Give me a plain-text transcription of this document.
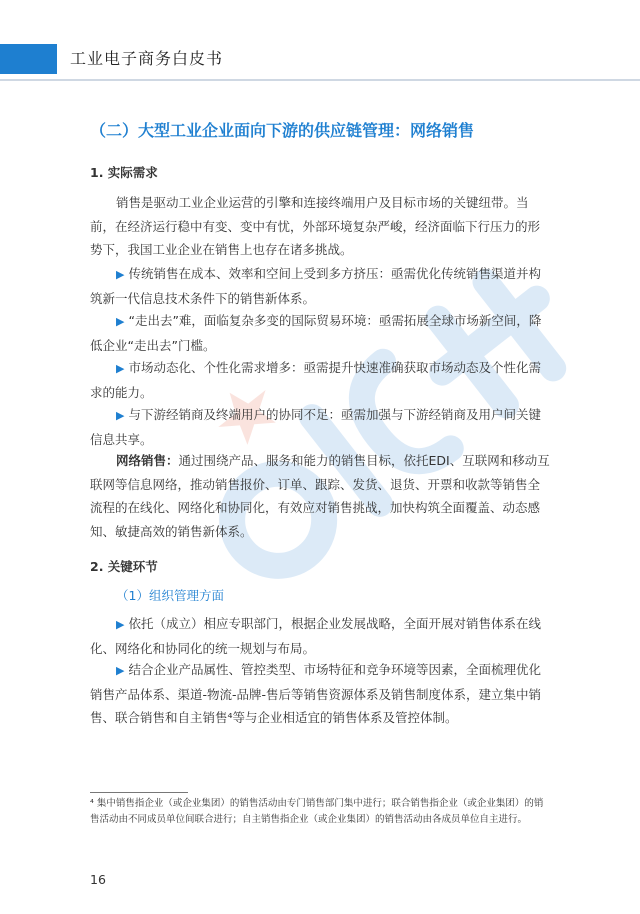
工业电子商务白皮书
（二）大型工业企业面向下游的供应链管理：网络销售
1. 实际需求
销售是驱动工业企业运营的引擎和连接终端用户及目标市场的关键纽带。当前，在经济运行稳中有变、变中有忧，外部环境复杂严峻，经济面临下行压力的形势下，我国工业企业在销售上也存在诸多挑战。
▶ 传统销售在成本、效率和空间上受到多方挤压：亟需优化传统销售渠道并构筑新一代信息技术条件下的销售新体系。
▶ “走出去”难，面临复杂多变的国际贸易环境：亟需拓展全球市场新空间，降低企业“走出去”门槛。
▶ 市场动态化、个性化需求增多：亟需提升快速准确获取市场动态及个性化需求的能力。
▶ 与下游经销商及终端用户的协同不足：亟需加强与下游经销商及用户间关键信息共享。
网络销售：通过围绕产品、服务和能力的销售目标，依托EDI、互联网和移动互联网等信息网络，推动销售报价、订单、跟踪、发货、退货、开票和收款等销售全流程的在线化、网络化和协同化，有效应对销售挑战，加快构筑全面覆盖、动态感知、敏捷高效的销售新体系。
2. 关键环节
（1）组织管理方面
▶ 依托（成立）相应专职部门，根据企业发展战略，全面开展对销售体系在线化、网络化和协同化的统一规划与布局。
▶ 结合企业产品属性、管控类型、市场特征和竞争环境等因素，全面梳理优化销售产品体系、渠道-物流-品牌-售后等销售资源体系及销售制度体系，建立集中销售、联合销售和自主销售⁴等与企业相适宜的销售体系及管控体制。
⁴ 集中销售指企业（或企业集团）的销售活动由专门销售部门集中进行；联合销售指企业（或企业集团）的销售活动由不同成员单位间联合进行；自主销售指企业（或企业集团）的销售活动由各成员单位自主进行。
16
